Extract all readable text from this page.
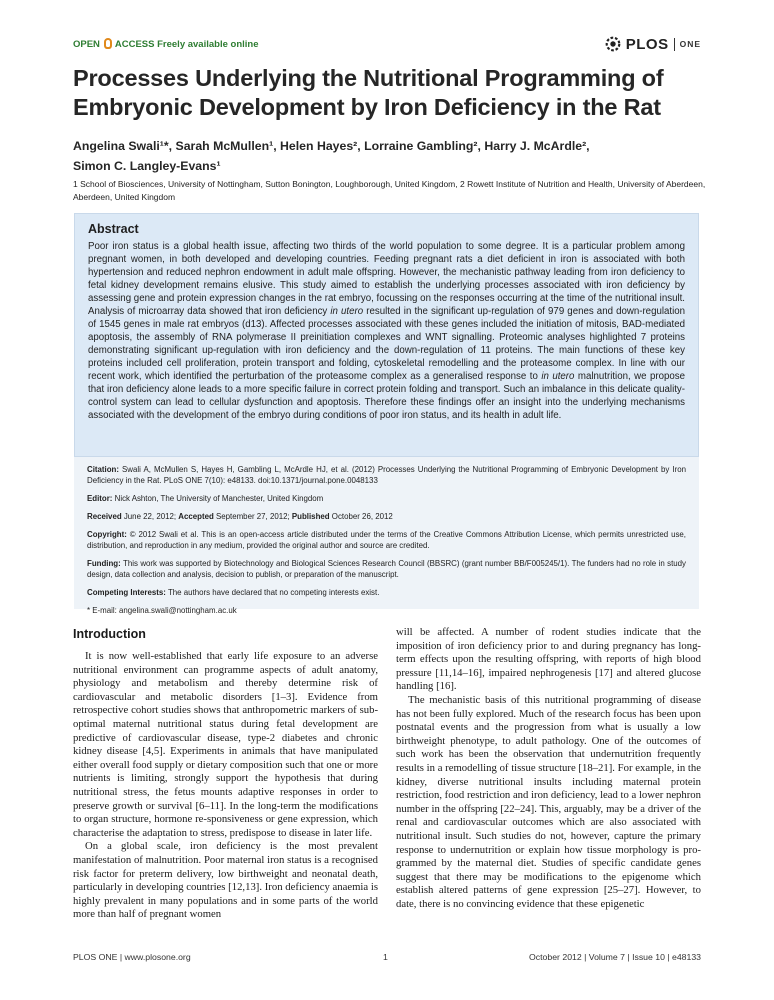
OPEN ACCESS Freely available online	PLOS ONE
Processes Underlying the Nutritional Programming of Embryonic Development by Iron Deficiency in the Rat
Angelina Swali¹*, Sarah McMullen¹, Helen Hayes², Lorraine Gambling², Harry J. McArdle²,
Simon C. Langley-Evans¹
1 School of Biosciences, University of Nottingham, Sutton Bonington, Loughborough, United Kingdom, 2 Rowett Institute of Nutrition and Health, University of Aberdeen, Aberdeen, United Kingdom
Abstract

Poor iron status is a global health issue, affecting two thirds of the world population to some degree. It is a particular problem among pregnant women, in both developed and developing countries. Feeding pregnant rats a diet deficient in iron is associated with both hypertension and reduced nephron endowment in adult male offspring. However, the mechanistic pathway leading from iron deficiency to fetal kidney development remains elusive. This study aimed to establish the underlying processes associated with iron deficiency by assessing gene and protein expression changes in the rat embryo, focussing on the responses occurring at the time of the nutritional insult. Analysis of microarray data showed that iron deficiency in utero resulted in the significant up-regulation of 979 genes and down-regulation of 1545 genes in male rat embryos (d13). Affected processes associated with these genes included the initiation of mitosis, BAD-mediated apoptosis, the assembly of RNA polymerase II preinitiation complexes and WNT signalling. Proteomic analyses highlighted 7 proteins demonstrating significant up-regulation with iron deficiency and the down-regulation of 11 proteins. The main functions of these key proteins included cell proliferation, protein transport and folding, cytoskeletal remodelling and the proteasome complex. In line with our recent work, which identified the perturbation of the proteasome complex as a generalised response to in utero malnutrition, we propose that iron deficiency alone leads to a more specific failure in correct protein folding and transport. Such an imbalance in this delicate quality-control system can lead to cellular dysfunction and apoptosis. Therefore these findings offer an insight into the underlying mechanisms associated with the development of the embryo during conditions of poor iron status, and its health in adult life.

Citation: Swali A, McMullen S, Hayes H, Gambling L, McArdle HJ, et al. (2012) Processes Underlying the Nutritional Programming of Embryonic Development by Iron Deficiency in the Rat. PLoS ONE 7(10): e48133. doi:10.1371/journal.pone.0048133

Editor: Nick Ashton, The University of Manchester, United Kingdom

Received June 22, 2012; Accepted September 27, 2012; Published October 26, 2012

Copyright: © 2012 Swali et al. This is an open-access article distributed under the terms of the Creative Commons Attribution License, which permits unrestricted use, distribution, and reproduction in any medium, provided the original author and source are credited.

Funding: This work was supported by Biotechnology and Biological Sciences Research Council (BBSRC) (grant number BB/F005245/1). The funders had no role in study design, data collection and analysis, decision to publish, or preparation of the manuscript.

Competing Interests: The authors have declared that no competing interests exist.

* E-mail: angelina.swali@nottingham.ac.uk

Introduction

It is now well-established that early life exposure to an adverse nutritional environment can programme aspects of adult anatomy, physiology and metabolism and thereby determine risk of cardiovascular and metabolic disorders [1–3]. Evidence from retrospective cohort studies shows that anthropometric markers of sub-optimal maternal nutritional status during fetal development are predictive of cardiovascular disease, type-2 diabetes and chronic kidney disease [4,5]. Experiments in animals that have manipulated either overall food supply or dietary composition such that one or more nutrients is limiting, strongly support the hypothesis that during nutritional stress, the fetus mounts adaptive responses in order to preserve growth or survival [6–11]. In the long-term the modifications to organ structure, hormone re-sponsiveness or gene expression, which characterise the adaptation to stress, predispose to disease in later life.

On a global scale, iron deficiency is the most prevalent manifestation of malnutrition. Poor maternal iron status is a recognised risk factor for preterm delivery, low birthweight and neonatal death, particularly in developing countries [12,13]. Iron deficiency anaemia is highly prevalent in many populations and in some parts of the world more than half of pregnant women

will be affected. A number of rodent studies indicate that the imposition of iron deficiency prior to and during pregnancy has long-term effects upon the resulting offspring, with reports of high blood pressure [11,14–16], impaired nephrogenesis [17] and altered glucose handling [16].

The mechanistic basis of this nutritional programming of disease has not been fully explored. Much of the research focus has been upon postnatal events and the progression from what is usually a low birthweight phenotype, to adult pathology. One of the outcomes of such work has been the observation that undernutrition frequently results in a remodelling of tissue structure [18–21]. For example, in the kidney, diverse nutritional insults including maternal protein restriction, food restriction and iron deficiency, lead to a lower nephron number in the offspring [22–24]. This, arguably, may be a driver of the renal and cardiovascular outcomes which are also associated with nutritional insult. Such studies do not, however, capture the primary response to undernutrition or explain how tissue morphology is pro-grammed by the maternal diet. Studies of specific candidate genes suggest that there may be modifications to the epigenome which establish altered patterns of gene expression [25–27]. However, to date, there is no convincing evidence that these epigenetic

PLOS ONE | www.plosone.org	1	October 2012 | Volume 7 | Issue 10 | e48133
